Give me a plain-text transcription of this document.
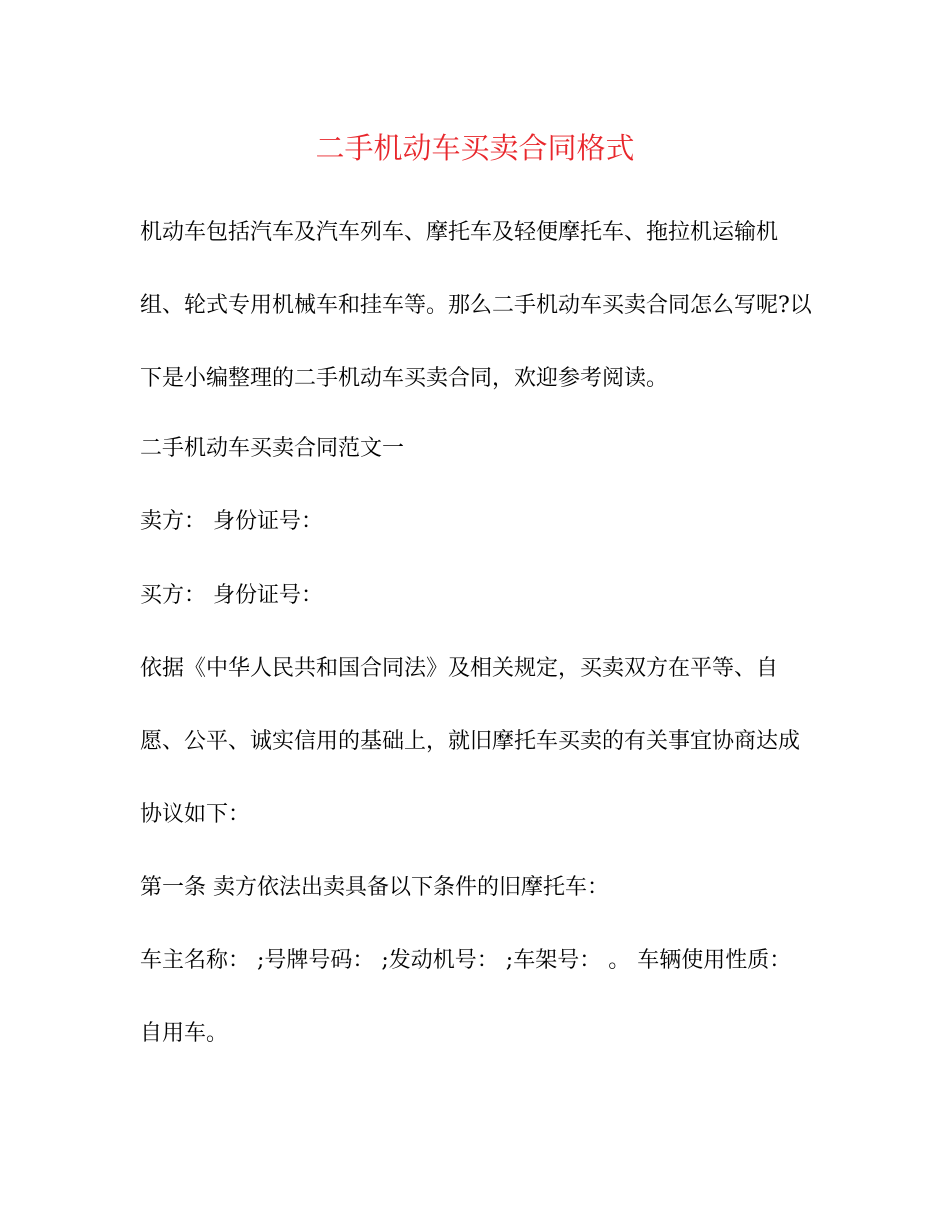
二手机动车买卖合同格式
机动车包括汽车及汽车列车、摩托车及轻便摩托车、拖拉机运输机
组、轮式专用机械车和挂车等。那么二手机动车买卖合同怎么写呢?以
下是小编整理的二手机动车买卖合同，欢迎参考阅读。
二手机动车买卖合同范文一
卖方： 身份证号：
买方： 身份证号：
依据《中华人民共和国合同法》及相关规定，买卖双方在平等、自
愿、公平、诚实信用的基础上，就旧摩托车买卖的有关事宜协商达成
协议如下：
第一条 卖方依法出卖具备以下条件的旧摩托车：
车主名称： ;号牌号码： ;发动机号： ;车架号： 。 车辆使用性质：
自用车。
